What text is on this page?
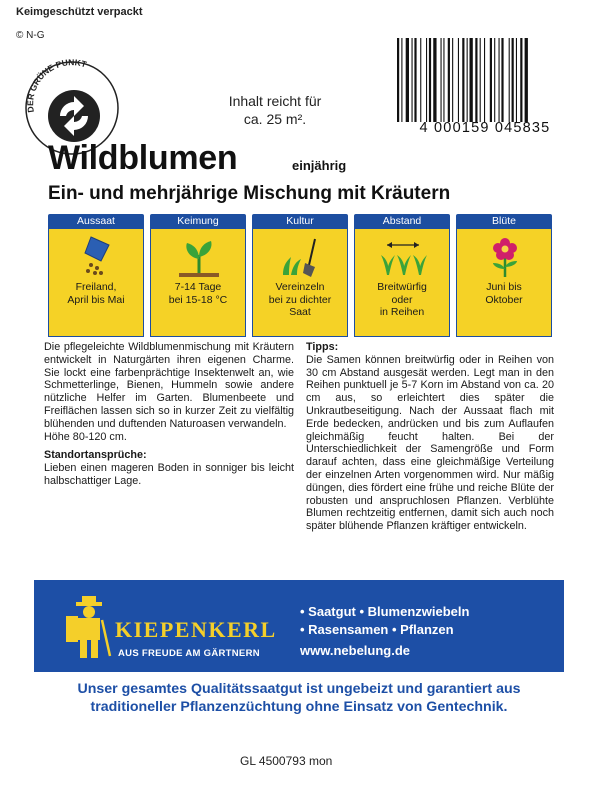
Keimgeschützt verpackt
© N-G
DER GRÜNE PUNKT
4 000159 045835
Inhalt reicht für
ca. 25 m².
Wildblumen	einjährig
Ein- und mehrjährige Mischung mit Kräutern
Aussaat
Freiland,
April bis Mai
Keimung
7-14 Tage
bei 15-18 °C
Kultur
Vereinzeln
bei zu dichter
Saat
Abstand
Breitwürfig
oder
in Reihen
Blüte
Juni bis
Oktober
Die pflegeleichte Wildblumenmischung mit Kräutern entwickelt in Naturgärten ihren eigenen Charme. Sie lockt eine farbenprächtige Insektenwelt an, wie Schmetterlinge, Bienen, Hummeln sowie andere nützliche Helfer im Garten. Blumenbeete und Freiflächen lassen sich so in kurzer Zeit zu vielfältig blühenden und duftenden Naturoasen verwandeln.
Höhe 80-120 cm.
Standortansprüche:
Lieben einen mageren Boden in sonniger bis leicht halbschattiger Lage.
Tipps:
Die Samen können breitwürfig oder in Reihen von 30 cm Abstand ausgesät werden. Legt man in den Reihen punktuell je 5-7 Korn im Abstand von ca. 20 cm aus, so erleichtert dies später die Unkrautbeseitigung. Nach der Aussaat flach mit Erde bedecken, andrücken und bis zum Auflaufen gleichmäßig feucht halten. Bei der Unterschiedlichkeit der Samengröße und Form darauf achten, dass eine gleichmäßige Verteilung der einzelnen Arten vorgenommen wird. Nur mäßig düngen, dies fördert eine frühe und reiche Blüte der robusten und anspruchlosen Pflanzen. Verblühte Blumen rechtzeitig entfernen, damit sich auch noch später blühende Pflanzen kräftiger entwickeln.
KIEPENKERL
AUS FREUDE AM GÄRTNERN
• Saatgut • Blumenzwiebeln
• Rasensamen • Pflanzen
www.nebelung.de
Unser gesamtes Qualitätssaatgut ist ungebeizt und garantiert aus traditioneller Pflanzenzüchtung ohne Einsatz von Gentechnik.
GL 4500793 mon
